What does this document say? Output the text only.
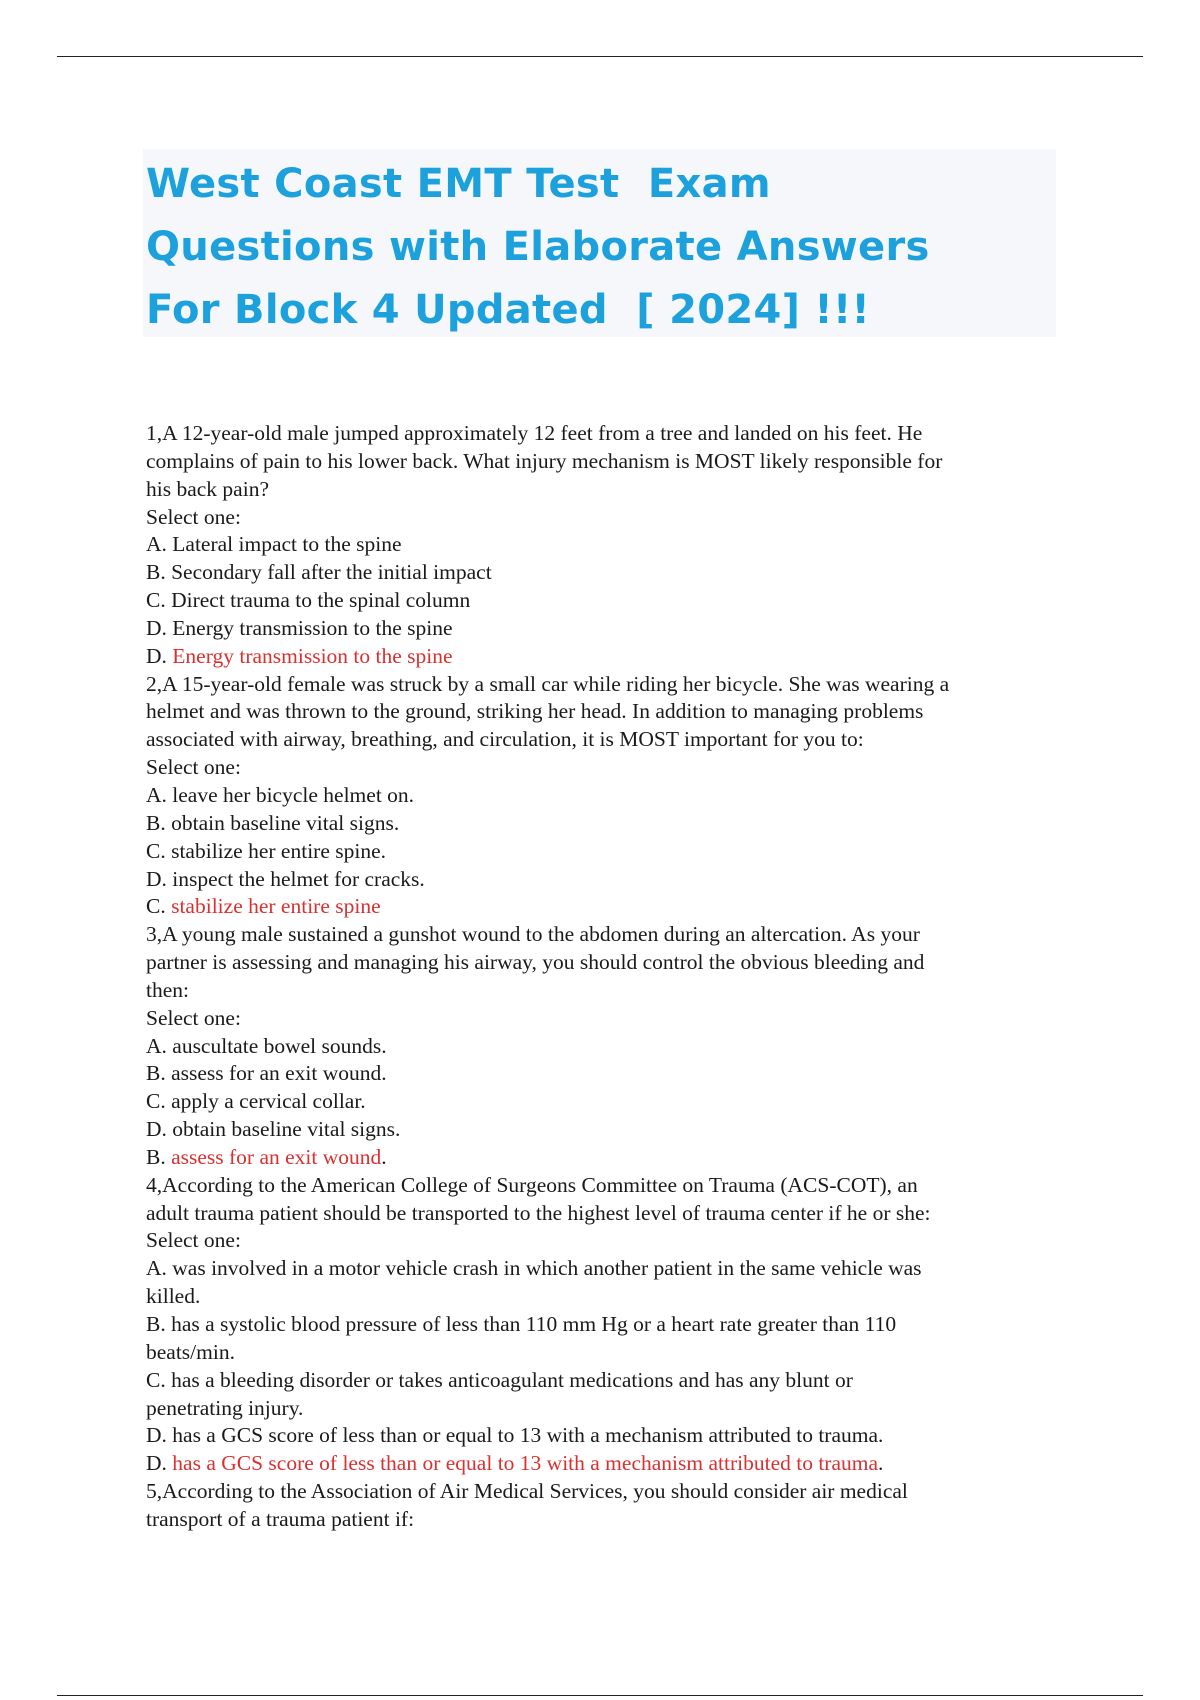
West Coast EMT Test  Exam
Questions with Elaborate Answers
For Block 4 Updated  [ 2024] !!!
1,A 12-year-old male jumped approximately 12 feet from a tree and landed on his feet. He
complains of pain to his lower back. What injury mechanism is MOST likely responsible for
his back pain?
Select one:
A. Lateral impact to the spine
B. Secondary fall after the initial impact
C. Direct trauma to the spinal column
D. Energy transmission to the spine
D. Energy transmission to the spine
2,A 15-year-old female was struck by a small car while riding her bicycle. She was wearing a
helmet and was thrown to the ground, striking her head. In addition to managing problems
associated with airway, breathing, and circulation, it is MOST important for you to:
Select one:
A. leave her bicycle helmet on.
B. obtain baseline vital signs.
C. stabilize her entire spine.
D. inspect the helmet for cracks.
C. stabilize her entire spine
3,A young male sustained a gunshot wound to the abdomen during an altercation. As your
partner is assessing and managing his airway, you should control the obvious bleeding and
then:
Select one:
A. auscultate bowel sounds.
B. assess for an exit wound.
C. apply a cervical collar.
D. obtain baseline vital signs.
B. assess for an exit wound.
4,According to the American College of Surgeons Committee on Trauma (ACS-COT), an
adult trauma patient should be transported to the highest level of trauma center if he or she:
Select one:
A. was involved in a motor vehicle crash in which another patient in the same vehicle was
killed.
B. has a systolic blood pressure of less than 110 mm Hg or a heart rate greater than 110
beats/min.
C. has a bleeding disorder or takes anticoagulant medications and has any blunt or
penetrating injury.
D. has a GCS score of less than or equal to 13 with a mechanism attributed to trauma.
D. has a GCS score of less than or equal to 13 with a mechanism attributed to trauma.
5,According to the Association of Air Medical Services, you should consider air medical
transport of a trauma patient if:
